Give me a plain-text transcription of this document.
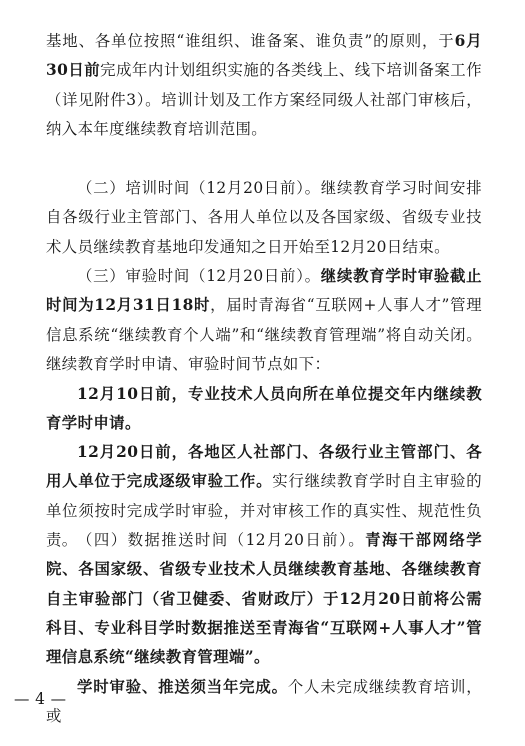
基地、各单位按照“谁组织、谁备案、谁负责”的原则，于6月30日前完成年内计划组织实施的各类线上、线下培训备案工作（详见附件3）。培训计划及工作方案经同级人社部门审核后，纳入本年度继续教育培训范围。

（二）培训时间（12月20日前）。继续教育学习时间安排自各级行业主管部门、各用人单位以及各国家级、省级专业技术人员继续教育基地印发通知之日开始至12月20日结束。

（三）审验时间（12月20日前）。继续教育学时审验截止时间为12月31日18时，届时青海省“互联网+人事人才”管理信息系统“继续教育个人端”和“继续教育管理端”将自动关闭。继续教育学时申请、审验时间节点如下：

12月10日前，专业技术人员向所在单位提交年内继续教育学时申请。

12月20日前，各地区人社部门、各级行业主管部门、各用人单位于完成逐级审验工作。实行继续教育学时自主审验的单位须按时完成学时审验，并对审核工作的真实性、规范性负责。 （四）数据推送时间（12月20日前）。青海干部网络学院、各国家级、省级专业技术人员继续教育基地、各继续教育自主审验部门（省卫健委、省财政厅）于12月20日前将公需科目、专业科目学时数据推送至青海省“互联网+人事人才”管理信息系统“继续教育管理端”。

学时审验、推送须当年完成。个人未完成继续教育培训，或

— 4 —
